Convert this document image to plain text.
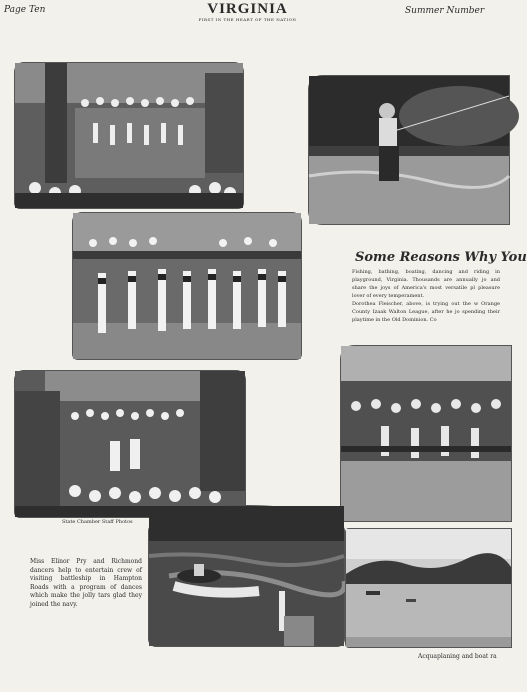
Page Ten	VIRGINIA
FIRST IN THE HEART OF THE NATION
Summer Number
Some Reasons Why You
Fishing, bathing, boating, dancing and riding in playground, Virginia. Thousands are annually jo and share the joys of America's most versatile pl pleasure lover of every temperament.
Dorothea Fleischer, above, is trying out the w Orange County Izaak Walton League, after he jo spending their playtime in the Old Dominion. Co
State Chamber Staff Photos
Miss Elinor Pry and Richmond dancers help to entertain crew of visiting battleship in Hampton Roads with a program of dances which make the jolly tars glad they joined the navy.
Acquaplaning and boat ra
